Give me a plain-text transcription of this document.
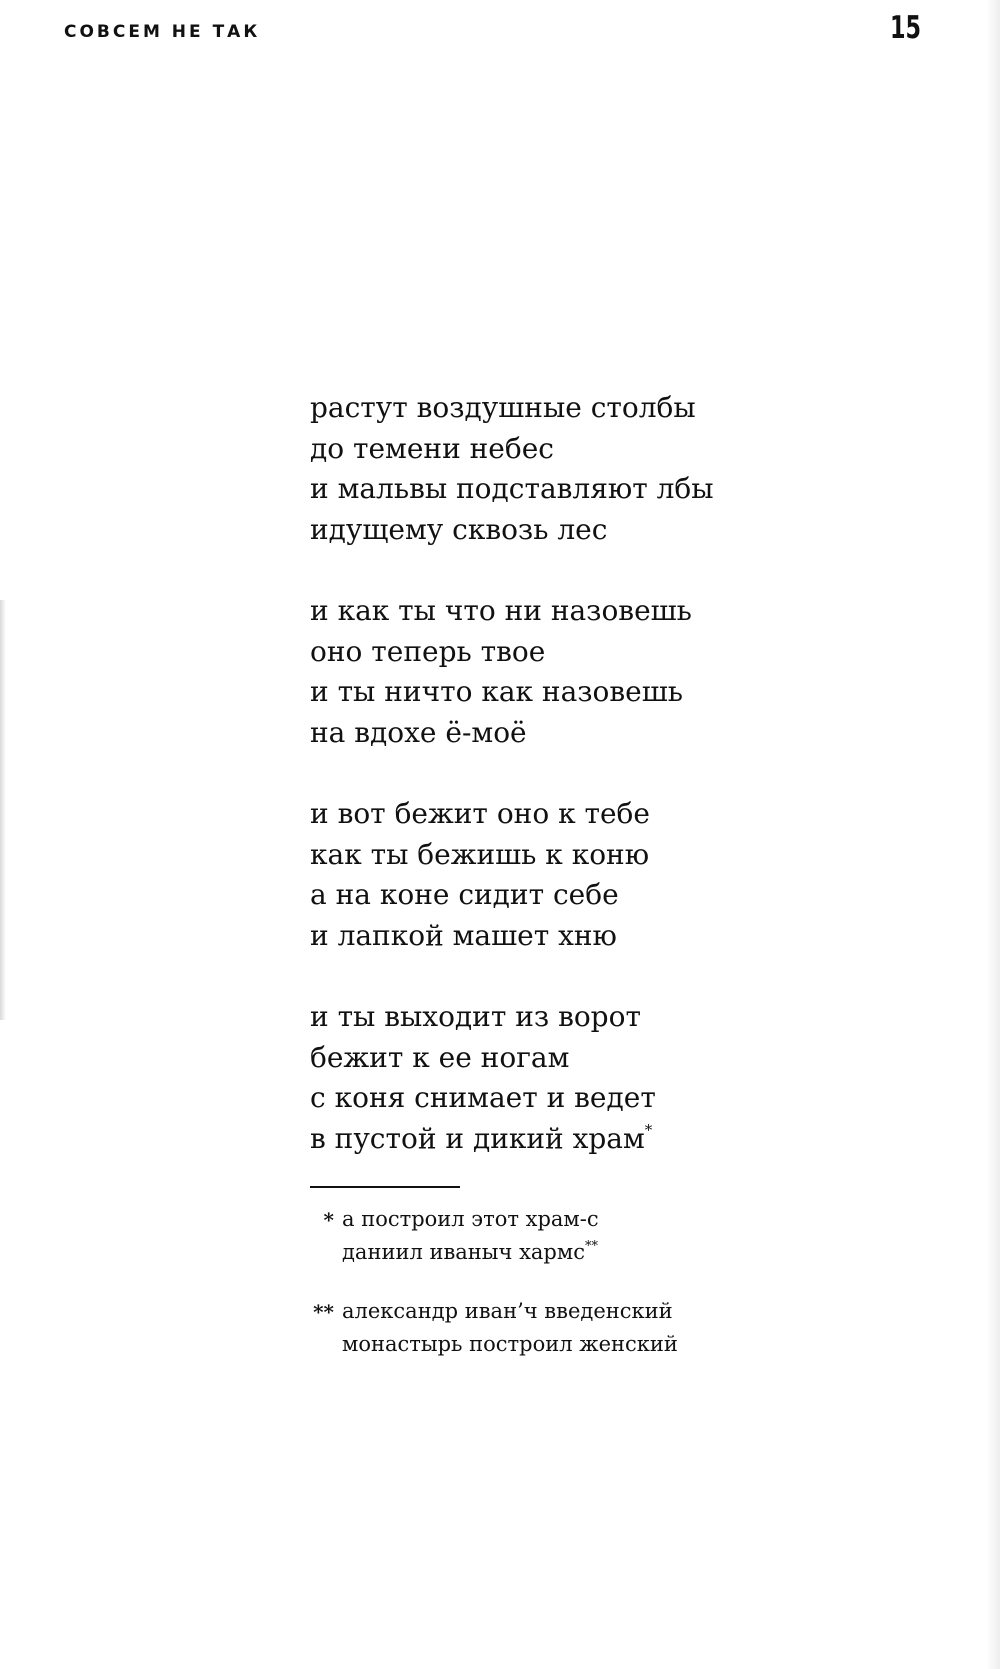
СОВСЕМ НЕ ТАК	15

растут воздушные столбы
до темени небес
и мальвы подставляют лбы
идущему сквозь лес
и как ты что ни назовешь
оно теперь твое
и ты ничто как назовешь
на вдохе ё-моё
и вот бежит оно к тебе
как ты бежишь к коню
а на коне сидит себе
и лапкой машет хню
и ты выходит из ворот
бежит к ее ногам
с коня снимает и ведет
в пустой и дикий храм*
* а построил этот храм-с
даниил иваныч хармс**
** александр иван’ч введенский
монастырь построил женский
